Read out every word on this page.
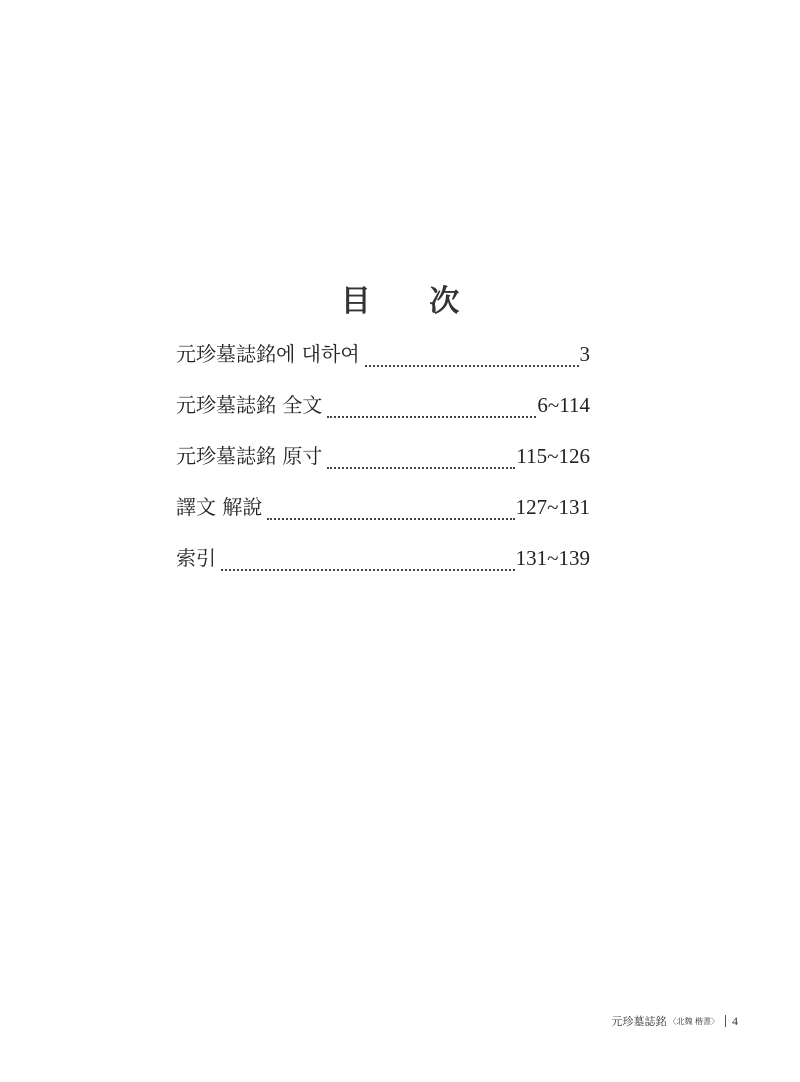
目 次
元珍墓誌銘에 대하여	3
元珍墓誌銘 全文	6~114
元珍墓誌銘 原寸	115~126
譯文 解說	127~131
索引	131~139
元珍墓誌銘 〈北魏 楷書〉 4
